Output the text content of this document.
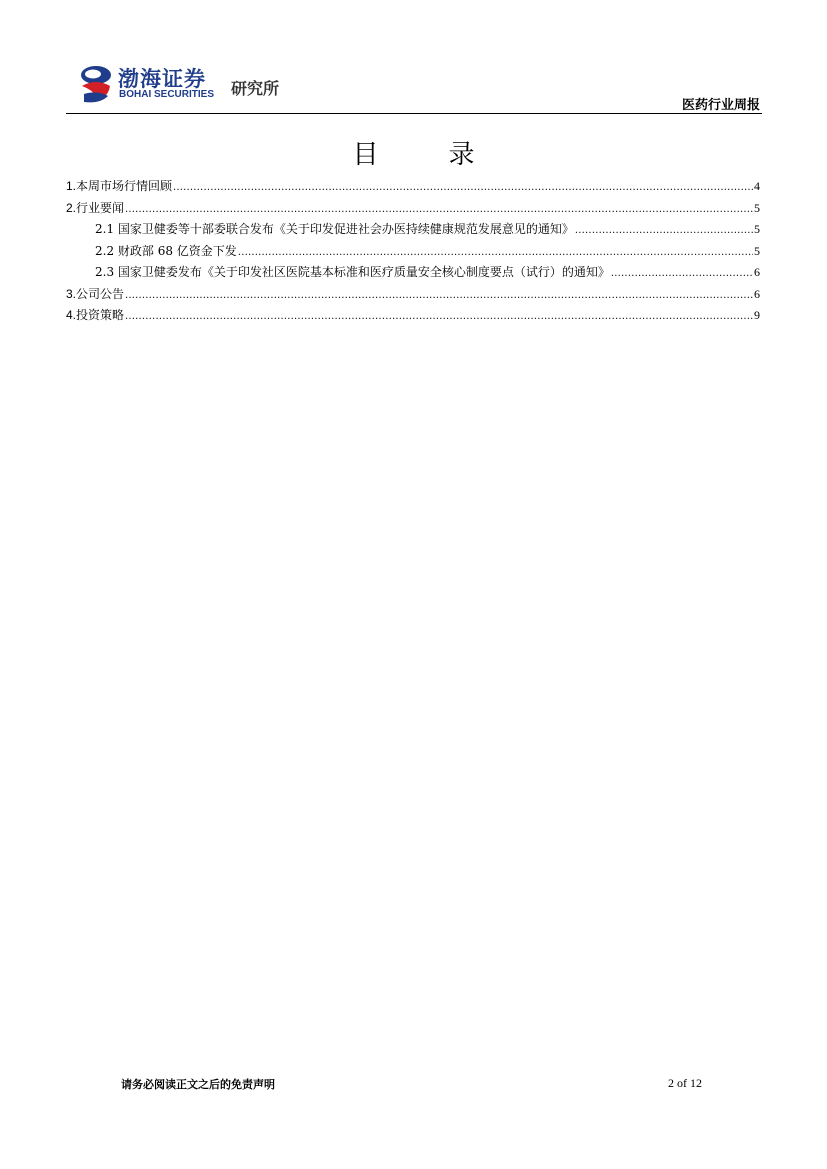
渤海证券
BOHAI SECURITIES 研究所
医药行业周报
目　录
1.本周市场行情回顾 .....	4
2.行业要闻 .....	5
2.1 国家卫健委等十部委联合发布《关于印发促进社会办医持续健康规范发展意见的通知》 .....	5
2.2 财政部 68 亿资金下发 .....	5
2.3 国家卫健委发布《关于印发社区医院基本标准和医疗质量安全核心制度要点（试行）的通知》 .....	6
3.公司公告 .....	6
4.投资策略 .....	9
请务必阅读正文之后的免责声明	2 of 12
